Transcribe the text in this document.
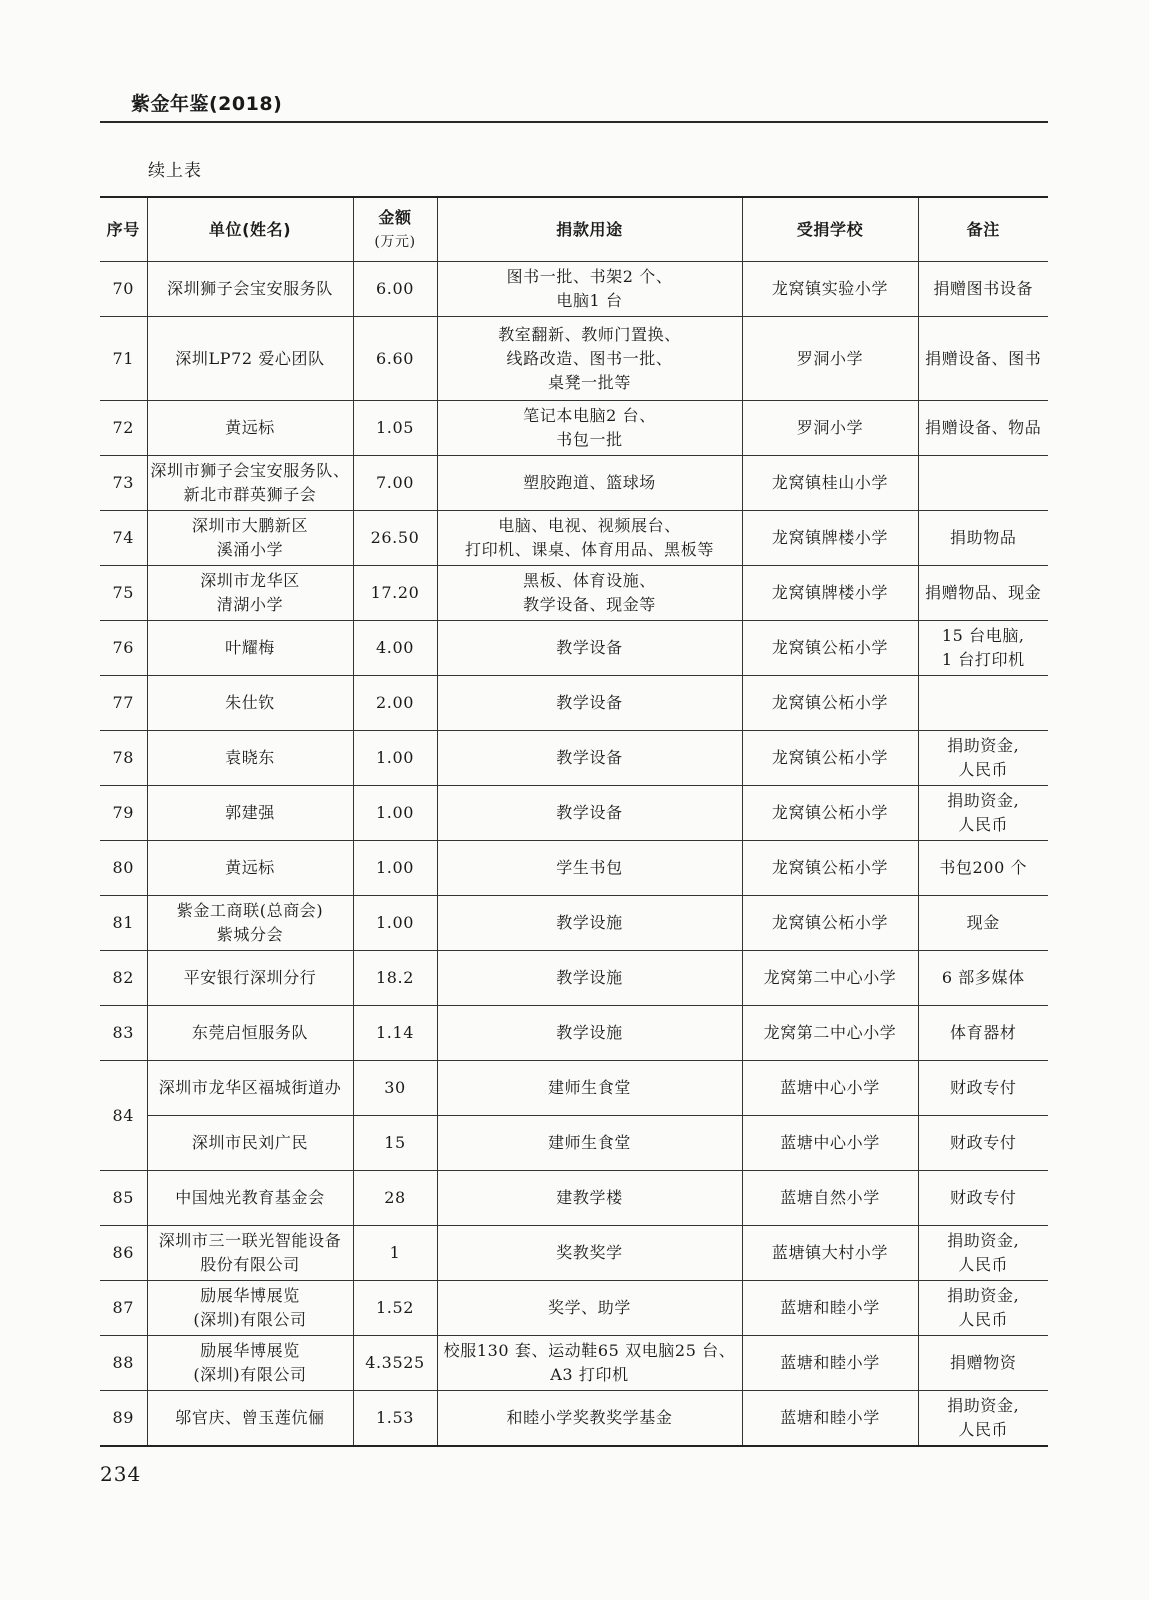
紫金年鉴(2018)
续上表
序号	单位(姓名)	金额
(万元)	捐款用途	受捐学校	备注
70	深圳狮子会宝安服务队	6.00	图书一批、书架2 个、
电脑1 台	龙窝镇实验小学	捐赠图书设备
71	深圳LP72 爱心团队	6.60	教室翻新、教师门置换、
线路改造、图书一批、
桌凳一批等	罗洞小学	捐赠设备、图书
72	黄远标	1.05	笔记本电脑2 台、
书包一批	罗洞小学	捐赠设备、物品
73	深圳市狮子会宝安服务队、
新北市群英狮子会	7.00	塑胶跑道、篮球场	龙窝镇桂山小学	
74	深圳市大鹏新区
溪涌小学	26.50	电脑、电视、视频展台、
打印机、课桌、体育用品、黑板等	龙窝镇牌楼小学	捐助物品
75	深圳市龙华区
清湖小学	17.20	黑板、体育设施、
教学设备、现金等	龙窝镇牌楼小学	捐赠物品、现金
76	叶耀梅	4.00	教学设备	龙窝镇公柘小学	15 台电脑,
1 台打印机
77	朱仕钦	2.00	教学设备	龙窝镇公柘小学	
78	袁晓东	1.00	教学设备	龙窝镇公柘小学	捐助资金,
人民币
79	郭建强	1.00	教学设备	龙窝镇公柘小学	捐助资金,
人民币
80	黄远标	1.00	学生书包	龙窝镇公柘小学	书包200 个
81	紫金工商联(总商会)
紫城分会	1.00	教学设施	龙窝镇公柘小学	现金
82	平安银行深圳分行	18.2	教学设施	龙窝第二中心小学	6 部多媒体
83	东莞启恒服务队	1.14	教学设施	龙窝第二中心小学	体育器材
84	深圳市龙华区福城街道办	30	建师生食堂	蓝塘中心小学	财政专付
	深圳市民刘广民	15	建师生食堂	蓝塘中心小学	财政专付
85	中国烛光教育基金会	28	建教学楼	蓝塘自然小学	财政专付
86	深圳市三一联光智能设备
股份有限公司	1	奖教奖学	蓝塘镇大村小学	捐助资金,
人民币
87	励展华博展览
(深圳)有限公司	1.52	奖学、助学	蓝塘和睦小学	捐助资金,
人民币
88	励展华博展览
(深圳)有限公司	4.3525	校服130 套、运动鞋65 双电脑25 台、
A3 打印机	蓝塘和睦小学	捐赠物资
89	邬官庆、曾玉莲伉俪	1.53	和睦小学奖教奖学基金	蓝塘和睦小学	捐助资金,
人民币
234
